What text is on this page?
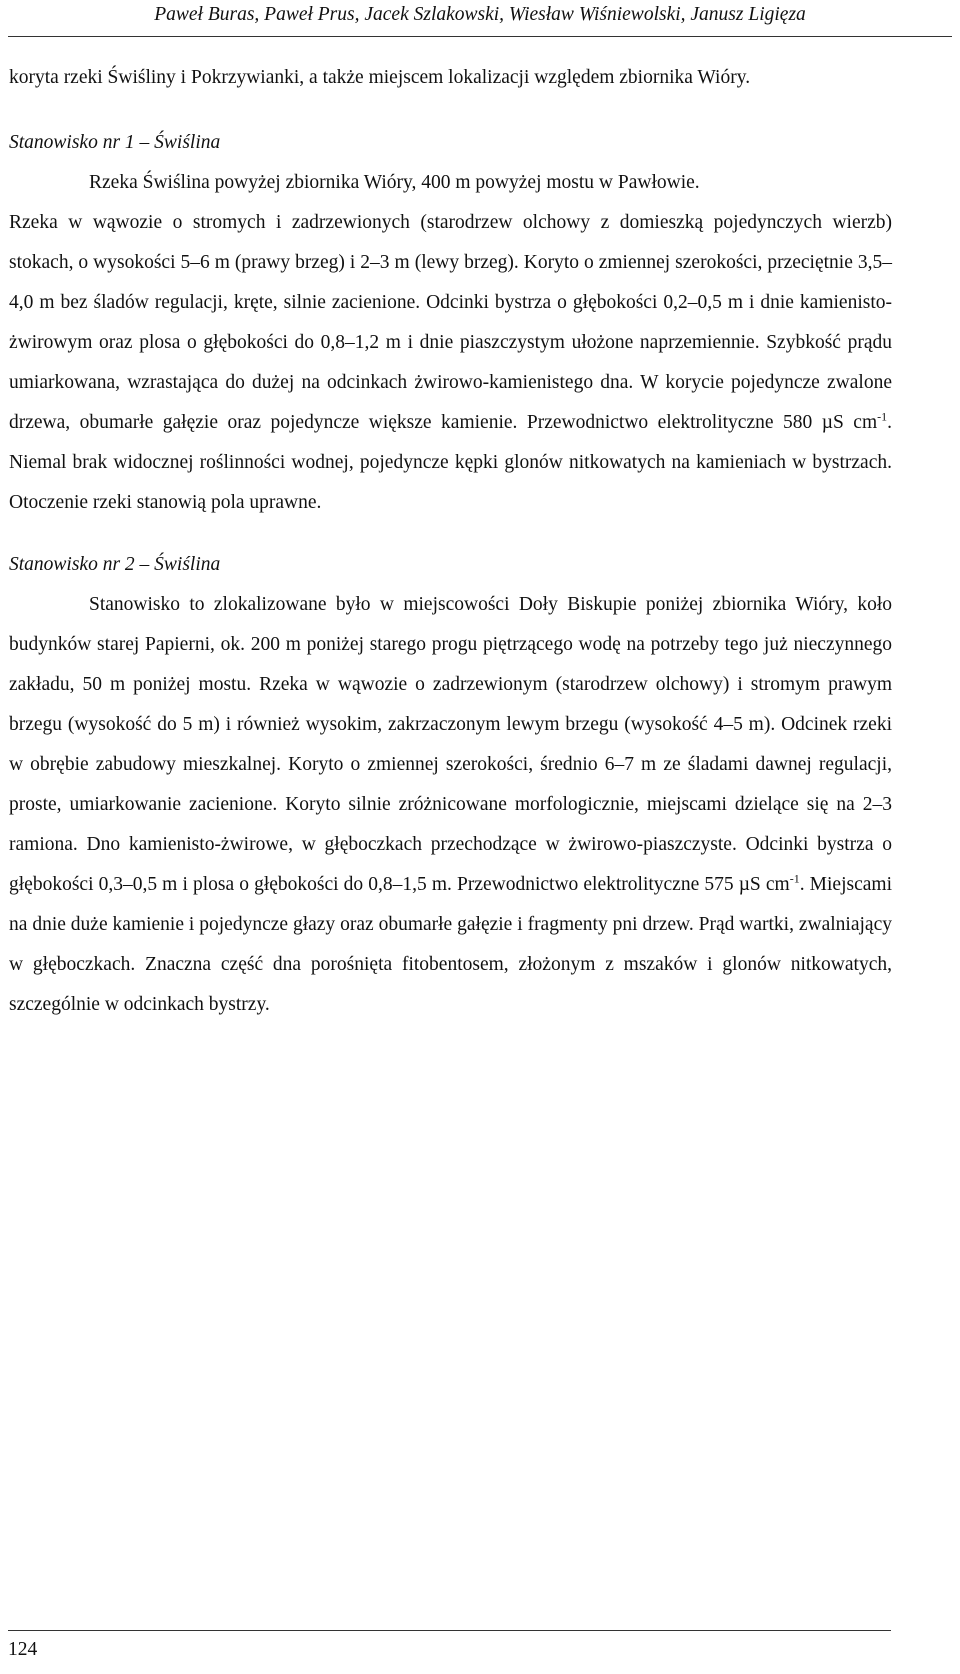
Paweł Buras, Paweł Prus, Jacek Szlakowski, Wiesław Wiśniewolski, Janusz Ligięza

koryta rzeki Świśliny i Pokrzywianki, a także miejscem lokalizacji względem zbiornika Wióry.

Stanowisko nr 1 – Świślina

Rzeka Świślina powyżej zbiornika Wióry, 400 m powyżej mostu w Pawłowie.

Rzeka w wąwozie o stromych i zadrzewionych (starodrzew olchowy z domieszką pojedynczych wierzb) stokach, o wysokości 5–6 m (prawy brzeg) i 2–3 m (lewy brzeg). Koryto o zmiennej szerokości, przeciętnie 3,5–4,0 m bez śladów regulacji, kręte, silnie zacienione. Odcinki bystrza o głębokości 0,2–0,5 m i dnie kamienisto-żwirowym oraz plosa o głębokości do 0,8–1,2 m i dnie piaszczystym ułożone naprzemiennie. Szybkość prądu umiarkowana, wzrastająca do dużej na odcinkach żwirowo-kamienistego dna. W korycie pojedyncze zwalone drzewa, obumarłe gałęzie oraz pojedyncze większe kamienie. Przewodnictwo elektrolityczne 580 µS $cm^{-1}$. Niemal brak widocznej roślinności wodnej, pojedyncze kępki glonów nitkowatych na kamieniach w bystrzach. Otoczenie rzeki stanowią pola uprawne.

Stanowisko nr 2 – Świślina

Stanowisko to zlokalizowane było w miejscowości Doły Biskupie poniżej zbiornika Wióry, koło budynków starej Papierni, ok. 200 m poniżej starego progu piętrzącego wodę na potrzeby tego już nieczynnego zakładu, 50 m poniżej mostu. Rzeka w wąwozie o zadrzewionym (starodrzew olchowy) i stromym prawym brzegu (wysokość do 5 m) i również wysokim, zakrzaczonym lewym brzegu (wysokość 4–5 m). Odcinek rzeki w obrębie zabudowy mieszkalnej. Koryto o zmiennej szerokości, średnio 6–7 m ze śladami dawnej regulacji, proste, umiarkowanie zacienione. Koryto silnie zróżnicowane morfologicznie, miejscami dzielące się na 2–3 ramiona. Dno kamienisto-żwirowe, w głęboczkach przechodzące w żwirowo-piaszczyste. Odcinki bystrza o głębokości 0,3–0,5 m i plosa o głębokości do 0,8–1,5 m. Przewodnictwo elektrolityczne 575 µS $cm^{-1}$. Miejscami na dnie duże kamienie i pojedyncze głazy oraz obumarłe gałęzie i fragmenty pni drzew. Prąd wartki, zwalniający w głęboczkach. Znaczna część dna porośnięta fitobentosem, złożonym z mszaków i glonów nitkowatych, szczególnie w odcinkach bystrzy.

124
